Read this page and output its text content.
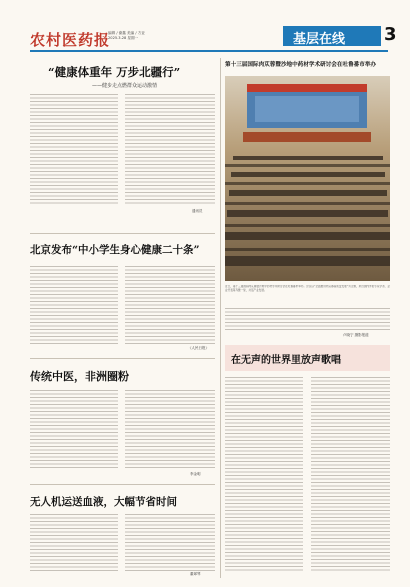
农村医药报
编辑 / 谢鑫 美编 / 方亚
2025.3.28 星期一	基层在线 3
“健康体重年 万步北疆行”
——健步走点燃群众运动激情
通讯员
北京发布“中小学生身心健康二十条”
《人民日报》
传统中医，非洲圈粉
李金明
无人机运送血液，大幅节省时间
董翠琴
第十三届国际肉苁蓉暨沙地中药材学术研讨会在吐鲁番市举办
近日，第十三届国际肉苁蓉暨沙地中药材学术研讨会在吐鲁番市举办。会议以“全面推进肉苁蓉高质量发展”为主题，来自国内外的专家学者、企业代表等齐聚一堂，共话产业发展。
卢晓宁 摄影报道
在无声的世界里放声歌唱
